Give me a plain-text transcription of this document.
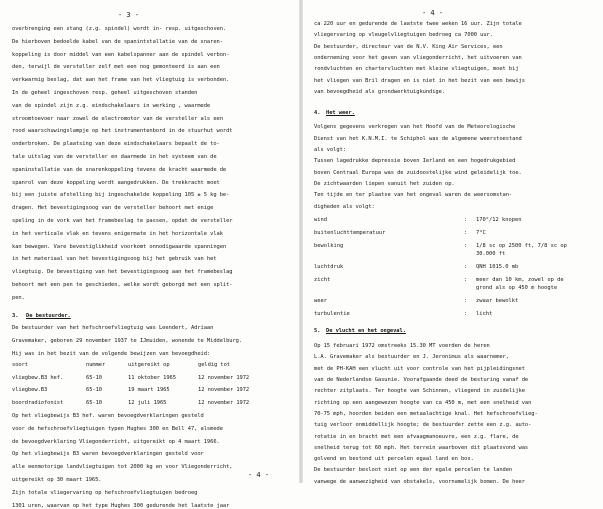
- 3 -
overbrenging een stang (z.g. spindel) wordt in- resp. uitgeschoven.
De hierboven bedoelde kabel van de spanintstallatie van de snaren-
koppeling is door middel van een kabelspanner aan de spindel verbon-
den, terwijl de versteller zelf met een nog gemonteerd is aan een
verkwarmig beslag, dat aan het frame van het vliegtuig is verbonden.
In de geheel ingeschoven resp. geheel uitgeschoven standen
van de spindel zijn z.g. eindschakelaars in werking , waarmede
stroomtoevoer naar zowel de electromotor van de versteller als een
rood waarschuwingslampje op het instrumentenbord in de stuurhut wordt
onderbroken. De plaatsing van deze eindschakelaars bepaalt de to-
tale uitslag van de versteller en daarmede in het systeem van de
spaninstallatie van de snarenkoppeling tevens de kracht waarmede de
spanrol van deze koppeling wordt aangedrukken. De trekkracht moet
bij een juiste afstelling bij ingeschakelde koppeling 105 ± 5 kg be-
dragen. Het bevestigingsoog van de versteller behoort met enige
speling in de vork van het framebeslag te passen, opdat de versteller
in het verticale vlak en tevens enigermate in het horizontale vlak
kan bewegen. Vare bevestiglikheid voorkomt onnodigwaarde spanningen
in het materiaal van het bevestigingsoog bij het gebruik van het
vliegtuig. De bevestiging van het bevestigingsoog aan het framebeslag
behoort met een pen te geschieden, welke wordt geborgd met een split-
pen.
3. De bestuurder.
De bestuurder van het hefschroefvliegtuig was Leendert, Adriaan
Gravemaker, geboren 29 november 1937 te IJmuiden, wonende te Middelburg.
Hij was in het bezit van de volgende bewijzen van bevoegdheid:
soort	nummer	uitgereikt op	geldig tot
vliegbew.B3 hef.	65-10	11 oktober 1965	12 november 1972
vliegbew.B3	65-10	19 maart 1965	12 november 1972
boordradiofonist	65-10	12 juli 1965	12 november 1972
Op het vliegbewijs B3 hef. waren bevoegdverklaringen gesteld
voor de hefschroefvliegtuigen typen Hughes 300 en Bell 47, alsmede
de bevoegdverklaring Vliegonderricht, uitgereikt op 4 maart 1966.
Op het vliegbewijs B3 waren bevoegdverklaringen gesteld voor
alle eenmotorige landvliegtuigen tot 2000 kg en voor Vliegonderricht,
uitgereikt op 30 maart 1965.
Zijn totale vliegervaring op hefschroefvliegtuigen bedroeg
1301 uren, waarvan op het type Hughes 300 gedurende het laatste jaar
- 4 -
- 4 -
ca 220 uur en gedurende de laatste twee weken 16 uur. Zijn totale
vliegervaring op vleugelvliegtuigen bedroeg ca 7000 uur.
De bestuurder, directeur van de N.V. King Air Services, een
onderneming voor het geven van vliegonderricht, het uitvoeren van
rondvluchten en chartervluchten met kleine vliegtuigen, moet bij
het vliegen van Bril dragen en is niet in het bezit van een bewijs
van bevoegdheid als grondwerktuigkundige.
4. Het weer.
Volgens gegevens verkregen van het Hoofd van de Meteorologische
Dienst van het K.N.M.I. te Schiphol was de algemene weerstoestand
als volgt:
Tussen lagedrukke depressie boven Ierland en een hogedrukgebied
boven Centraal Europa was de zuidoostelijke wind geleidelijk toe.
De zichtwaarden liepen vanuit het zuiden op.
Ten tijde en ter plaatse van het ongeval waren de weersomstan-
digheden als volgt:
wind	: 170°/12 knopen
buitenluchttemperatuur	: 7°C
bewolking	: 1/8 sc op 2500 ft, 7/8 sc op
30.000 ft
luchtdruk	: QNH 1015.0 mb
zicht	: meer dan 10 km, zowel op de
grond als op 450 m hoogte
weer	: zwaar bewolkt
turbulentie	: licht
5. De vlucht en het ongeval.
Op 15 februari 1972 omstreeks 15.30 MT voerden de heren
L.A. Gravemaker als bestuurder en J. Jeronimus als waarnemer,
met de PH-KAH een vlucht uit voor controle van het pijpleidingsnet
van de Nederlandse Gasunie. Voorafgaande deed de besturing vanaf de
rechter zitplaats. Ter hoogte van Schinnen, vliegend in zuidelijke
richting op een aangewezen hoogte van ca 450 m, met een snelheid van
70-75 mph, hoorden beiden een metaalachtige knal. Het hefschroefvlieg-
tuig verloor onmiddellijk hoogte; de bestuurder zette een z.g. auto-
rotatie in en bracht met een afvaagmanoeuvre, een z.g. flare, de
snelheid terug tot 60 mph. Het terrein waarboven dit plaatsvond was
golvend en bestond uit percelen egaal land en bos.
De bestuurder besloot niet op een der egale percelen te landen
vanwege de aanwezigheid van obstakels, voornamelijk bomen. De heer
